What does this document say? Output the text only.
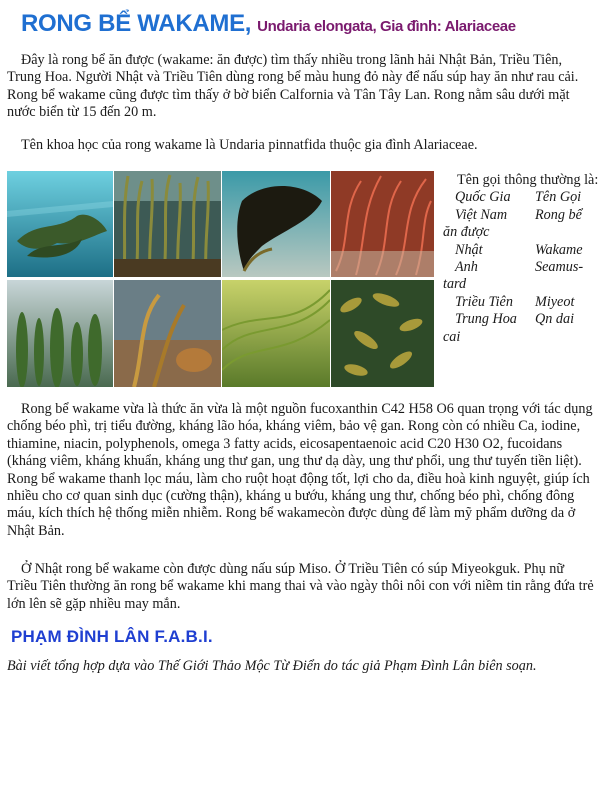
RONG BỂ WAKAME, Undaria elongata, Gia đình: Alariaceae

Đây là rong bể ăn được (wakame: ăn được) tìm thấy nhiều trong lãnh hải Nhật Bản, Triều Tiên, Trung Hoa. Người Nhật và Triều Tiên dùng rong bể màu hung đỏ này để nấu súp hay ăn như rau cải. Rong bể wakame cũng được tìm thấy ở bờ biển Calfornia và Tân Tây Lan. Rong nằm sâu dưới mặt nước biển từ 15 đến 20 m.

Tên khoa học của rong wakame là Undaria pinnatfida thuộc gia đình Alariaceae.

Tên gọi thông thường là:
Quốc Gia	Tên Gọi
Việt Nam	Rong bể
ăn được
Nhật	Wakame
Anh	Seamus-
tard
Triều Tiên	Miyeot
Trung Hoa	Qn dai
cai

Rong bể wakame vừa là thức ăn vừa là một nguồn fucoxanthin C42 H58 O6 quan trọng với tác dụng chống béo phì, trị tiểu đường, kháng lão hóa, kháng viêm, bảo vệ gan. Rong còn có nhiều Ca, iodine, thiamine, niacin, polyphenols, omega 3 fatty acids, eicosapentaenoic acid C20 H30 O2, fucoidans (kháng viêm, kháng khuẩn, kháng ung thư gan, ung thư dạ dày, ung thư phổi, ung thư tuyến tiền liệt). Rong bể wakame thanh lọc máu, làm cho ruột hoạt động tốt, lợi cho da, điều hoà kinh nguyệt, giúp ích nhiều cho cơ quan sinh dục (cường thận), kháng u bướu, kháng ung thư, chống béo phì, chống đông máu, kích thích hệ thống miễn nhiễm. Rong bể wakamecòn được dùng để làm mỹ phẩm dưỡng da ở Nhật Bản.

Ở Nhật rong bể wakame còn được dùng nấu súp Miso. Ở Triều Tiên có súp Miyeokguk. Phụ nữ Triều Tiên thường ăn rong bể wakame khi mang thai và vào ngày thôi nôi con với niềm tin rằng đứa trẻ lớn lên sẽ gặp nhiều may mắn.

PHẠM ĐÌNH LÂN F.A.B.I.
Bài viết tổng hợp dựa vào Thế Giới Thảo Mộc Từ Điển do tác giả Phạm Đình Lân biên soạn.
